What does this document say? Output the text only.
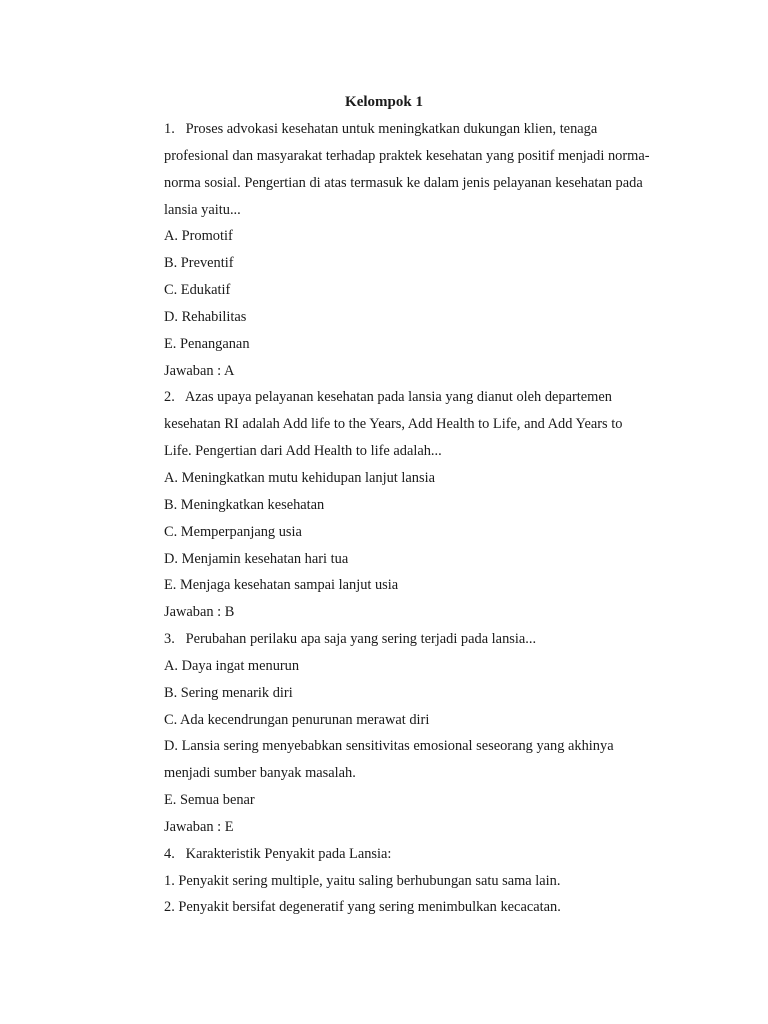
Kelompok 1
1. Proses advokasi kesehatan untuk meningkatkan dukungan klien, tenaga
profesional dan masyarakat terhadap praktek kesehatan yang positif menjadi norma-
norma sosial. Pengertian di atas termasuk ke dalam jenis pelayanan kesehatan pada
lansia yaitu...
A. Promotif
B. Preventif
C. Edukatif
D. Rehabilitas
E. Penanganan
Jawaban : A
2. Azas upaya pelayanan kesehatan pada lansia yang dianut oleh departemen
kesehatan RI adalah Add life to the Years, Add Health to Life, and Add Years to
Life. Pengertian dari Add Health to life adalah...
A. Meningkatkan mutu kehidupan lanjut lansia
B. Meningkatkan kesehatan
C. Memperpanjang usia
D. Menjamin kesehatan hari tua
E. Menjaga kesehatan sampai lanjut usia
Jawaban : B
3. Perubahan perilaku apa saja yang sering terjadi pada lansia...
A. Daya ingat menurun
B. Sering menarik diri
C. Ada kecendrungan penurunan merawat diri
D. Lansia sering menyebabkan sensitivitas emosional seseorang yang akhinya
menjadi sumber banyak masalah.
E. Semua benar
Jawaban : E
4. Karakteristik Penyakit pada Lansia:
1. Penyakit sering multiple, yaitu saling berhubungan satu sama lain.
2. Penyakit bersifat degeneratif yang sering menimbulkan kecacatan.
